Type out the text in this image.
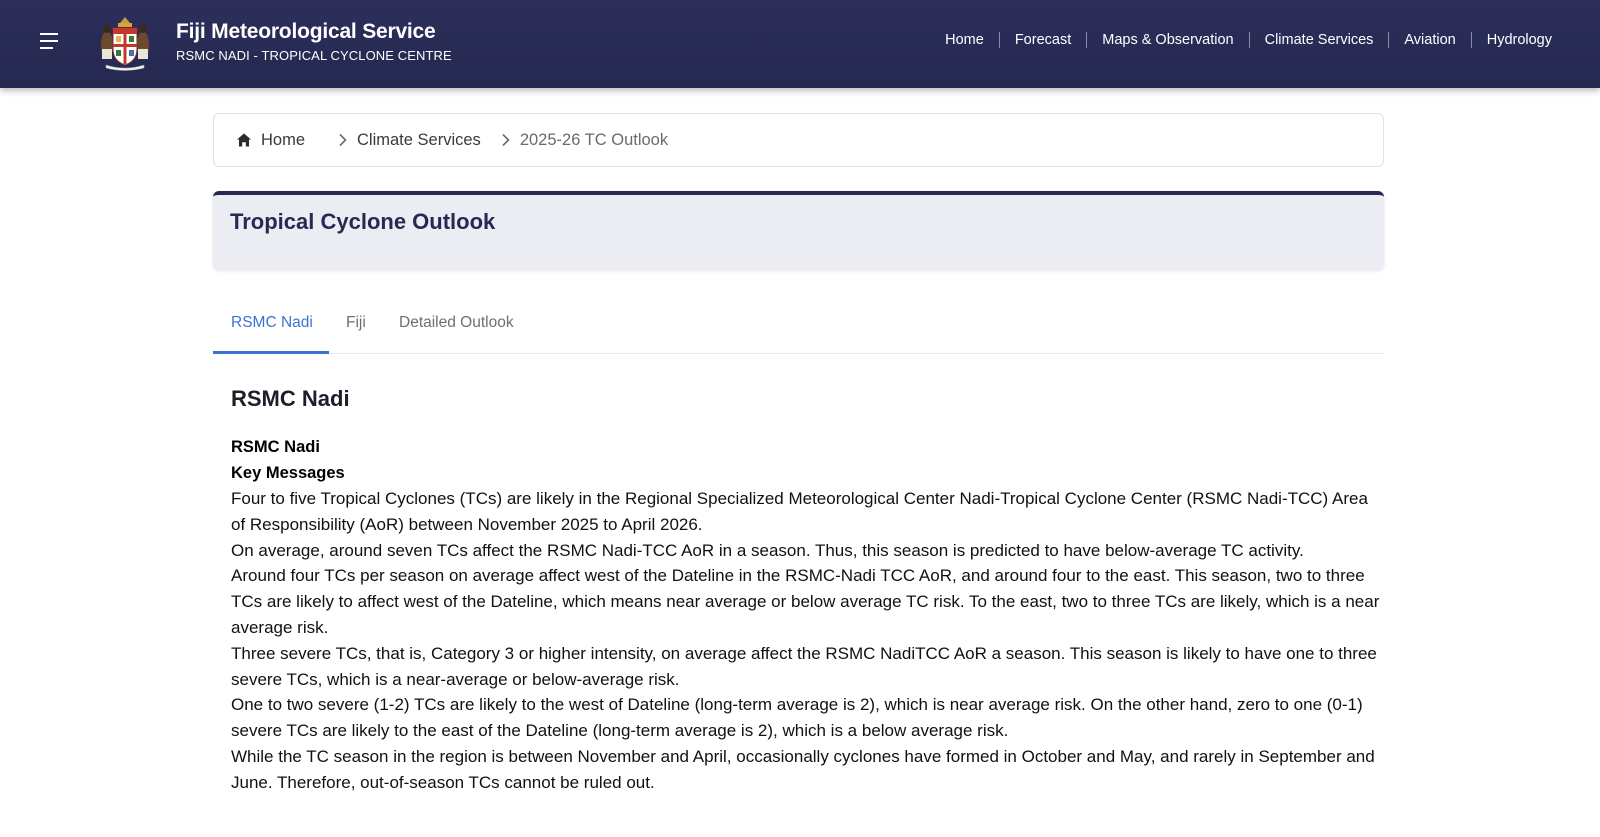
Fiji Meteorological Service
RSMC NADI - TROPICAL CYCLONE CENTRE
Home	Forecast	Maps & Observation	Climate Services	Aviation	Hydrology
Home	Climate Services 2025-26 TC Outlook
Tropical Cyclone Outlook
RSMC Nadi Fiji Detailed Outlook
RSMC Nadi
RSMC Nadi
Key Messages

Four to five Tropical Cyclones (TCs) are likely in the Regional Specialized Meteorological Center Nadi-Tropical Cyclone Center (RSMC Nadi-TCC) Area of Responsibility (AoR) between November 2025 to April 2026.

On average, around seven TCs affect the RSMC Nadi-TCC AoR in a season. Thus, this season is predicted to have below-average TC activity.

Around four TCs per season on average affect west of the Dateline in the RSMC-Nadi TCC AoR, and around four to the east. This season, two to three TCs are likely to affect west of the Dateline, which means near average or below average TC risk. To the east, two to three TCs are likely, which is a near average risk.

Three severe TCs, that is, Category 3 or higher intensity, on average affect the RSMC NadiTCC AoR a season. This season is likely to have one to three severe TCs, which is a near-average or below-average risk.

One to two severe (1-2) TCs are likely to the west of Dateline (long-term average is 2), which is near average risk. On the other hand, zero to one (0-1) severe TCs are likely to the east of the Dateline (long-term average is 2), which is a below average risk.

While the TC season in the region is between November and April, occasionally cyclones have formed in October and May, and rarely in September and June. Therefore, out-of-season TCs cannot be ruled out.
